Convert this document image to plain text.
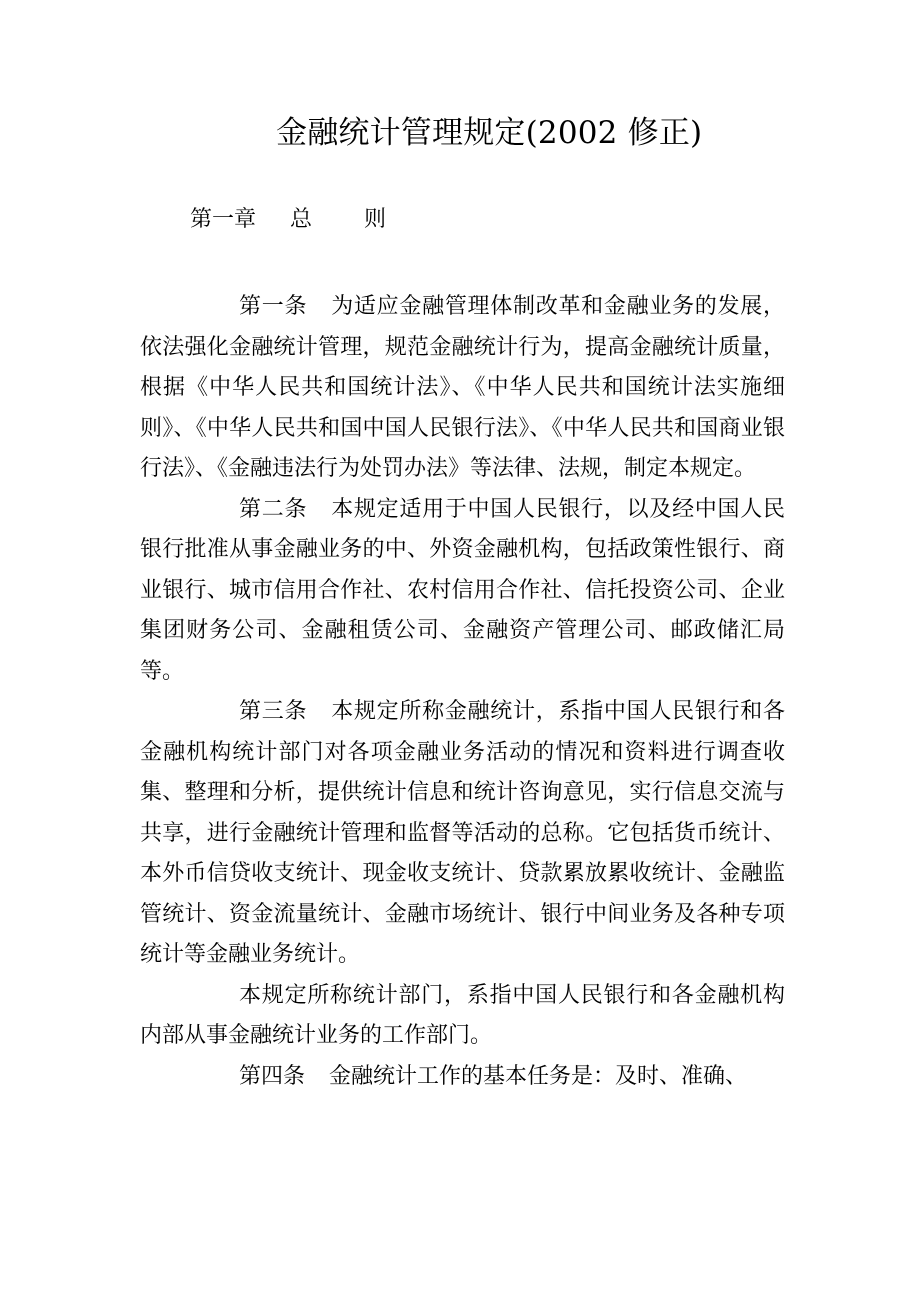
金融统计管理规定(2002 修正)
第一章 总 则

第一条 为适应金融管理体制改革和金融业务的发展，依法强化金融统计管理，规范金融统计行为，提高金融统计质量，根据《中华人民共和国统计法》、《中华人民共和国统计法实施细则》、《中华人民共和国中国人民银行法》、《中华人民共和国商业银行法》、《金融违法行为处罚办法》等法律、法规，制定本规定。

第二条 本规定适用于中国人民银行，以及经中国人民银行批准从事金融业务的中、外资金融机构，包括政策性银行、商业银行、城市信用合作社、农村信用合作社、信托投资公司、企业集团财务公司、金融租赁公司、金融资产管理公司、邮政储汇局等。

第三条 本规定所称金融统计，系指中国人民银行和各金融机构统计部门对各项金融业务活动的情况和资料进行调查收集、整理和分析，提供统计信息和统计咨询意见，实行信息交流与共享，进行金融统计管理和监督等活动的总称。它包括货币统计、本外币信贷收支统计、现金收支统计、贷款累放累收统计、金融监管统计、资金流量统计、金融市场统计、银行中间业务及各种专项统计等金融业务统计。

本规定所称统计部门，系指中国人民银行和各金融机构内部从事金融统计业务的工作部门。

第四条 金融统计工作的基本任务是：及时、准确、
